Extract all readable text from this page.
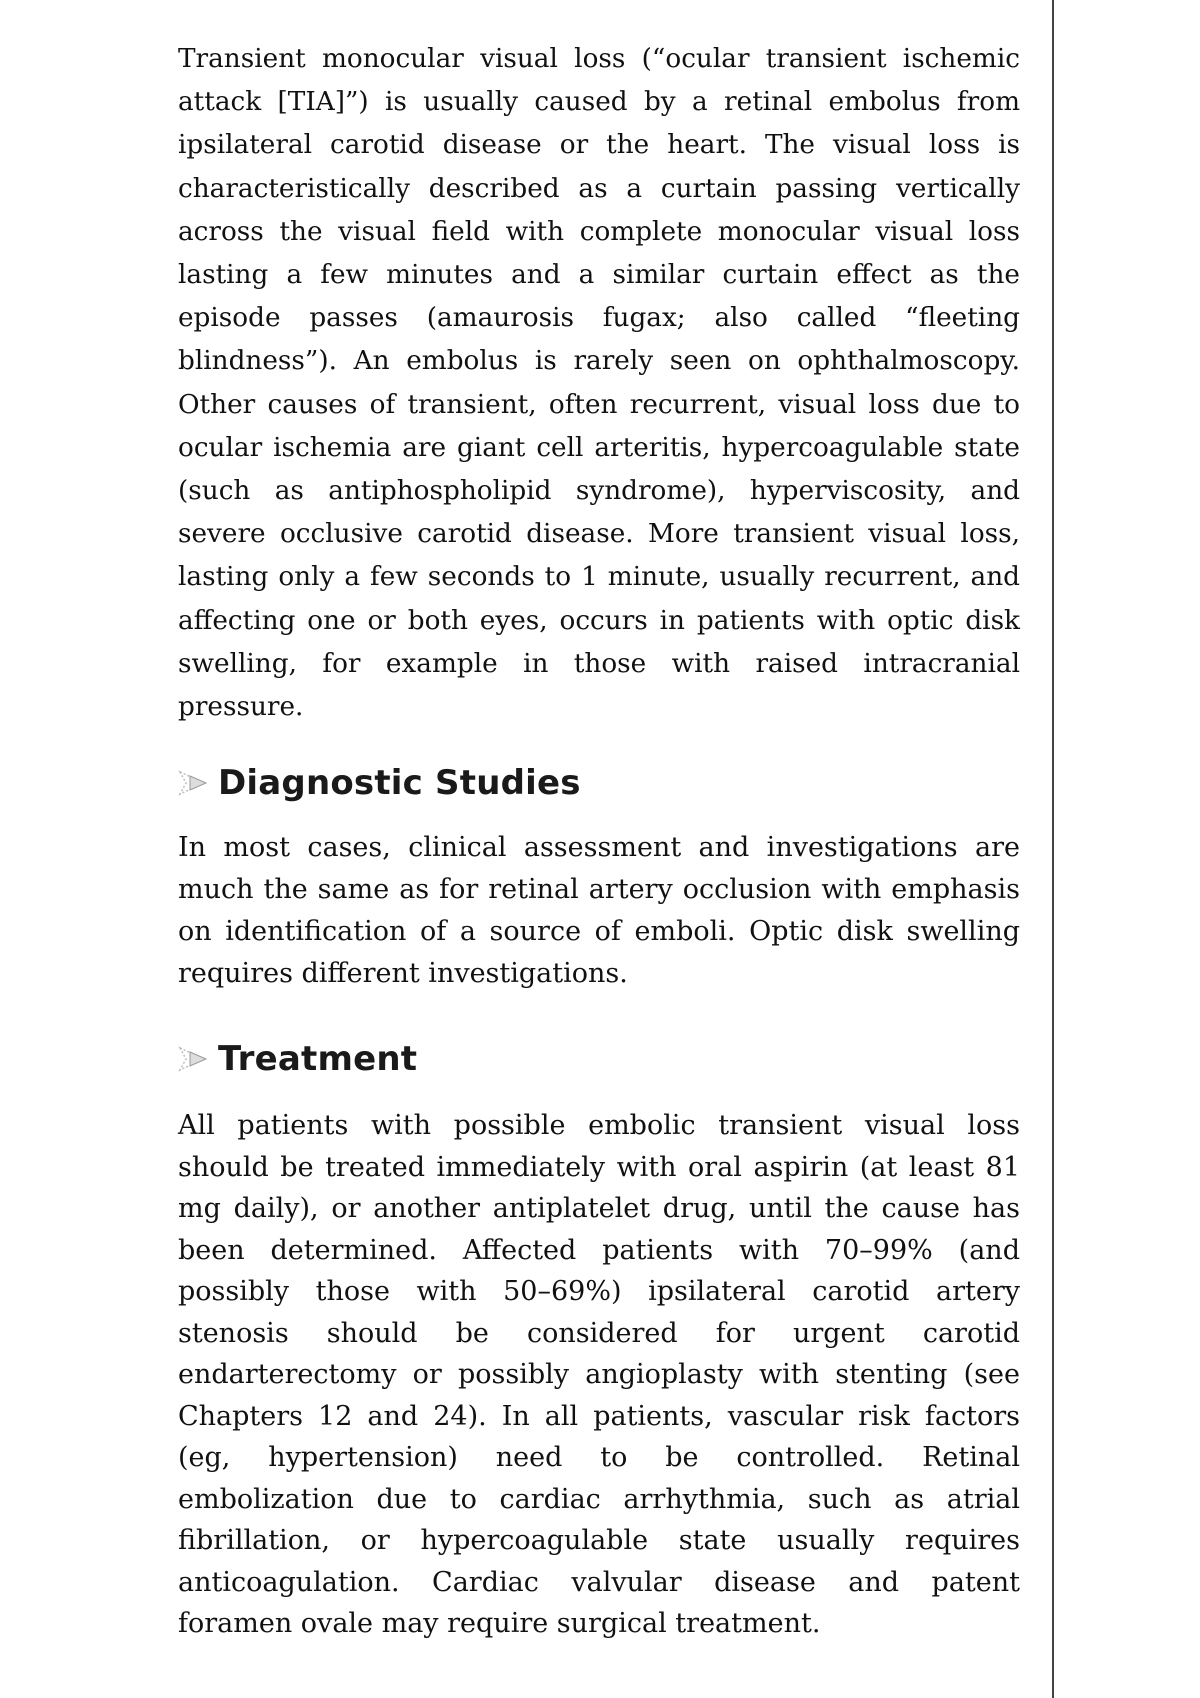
Transient monocular visual loss (“ocular transient ischemic attack [TIA]”) is usually caused by a retinal embolus from ipsilateral carotid disease or the heart. The visual loss is characteristically described as a curtain passing vertically across the visual field with complete monocular visual loss lasting a few minutes and a similar curtain effect as the episode passes (amaurosis fugax; also called “fleeting blindness”). An embolus is rarely seen on ophthalmoscopy. Other causes of transient, often recurrent, visual loss due to ocular ischemia are giant cell arteritis, hypercoagulable state (such as antiphospholipid syndrome), hyperviscosity, and severe occlusive carotid disease. More transient visual loss, lasting only a few seconds to 1 minute, usually recurrent, and affecting one or both eyes, occurs in patients with optic disk swelling, for example in those with raised intracranial pressure.

Diagnostic Studies

In most cases, clinical assessment and investigations are much the same as for retinal artery occlusion with emphasis on identification of a source of emboli. Optic disk swelling requires different investigations.

Treatment

All patients with possible embolic transient visual loss should be treated immediately with oral aspirin (at least 81 mg daily), or another antiplatelet drug, until the cause has been determined. Affected patients with 70–99% (and possibly those with 50–69%) ipsilateral carotid artery stenosis should be considered for urgent carotid endarterectomy or possibly angioplasty with stenting (see Chapters 12 and 24). In all patients, vascular risk factors (eg, hypertension) need to be controlled. Retinal embolization due to cardiac arrhythmia, such as atrial fibrillation, or hypercoagulable state usually requires anticoagulation. Cardiac valvular disease and patent foramen ovale may require surgical treatment.
